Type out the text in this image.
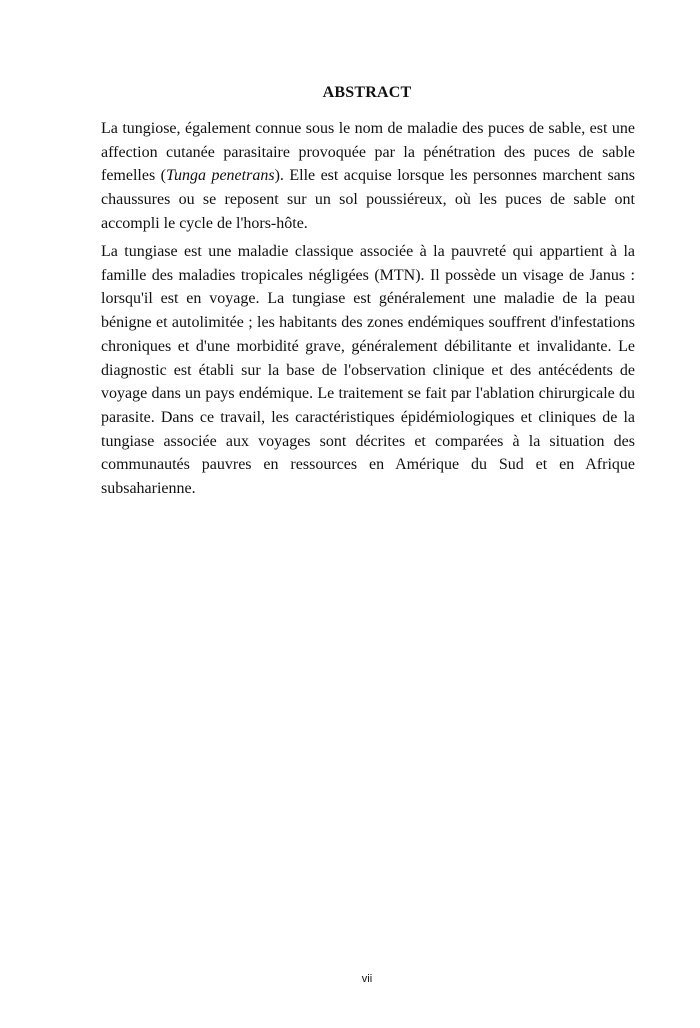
ABSTRACT

La tungiose, également connue sous le nom de maladie des puces de sable, est une affection cutanée parasitaire provoquée par la pénétration des puces de sable femelles (Tunga penetrans). Elle est acquise lorsque les personnes marchent sans chaussures ou se reposent sur un sol poussiéreux, où les puces de sable ont accompli le cycle de l'hors-hôte.

La tungiase est une maladie classique associée à la pauvreté qui appartient à la famille des maladies tropicales négligées (MTN). Il possède un visage de Janus : lorsqu'il est en voyage. La tungiase est généralement une maladie de la peau bénigne et autolimitée ; les habitants des zones endémiques souffrent d'infestations chroniques et d'une morbidité grave, généralement débilitante et invalidante. Le diagnostic est établi sur la base de l'observation clinique et des antécédents de voyage dans un pays endémique. Le traitement se fait par l'ablation chirurgicale du parasite. Dans ce travail, les caractéristiques épidémiologiques et cliniques de la tungiase associée aux voyages sont décrites et comparées à la situation des communautés pauvres en ressources en Amérique du Sud et en Afrique subsaharienne.

vii
